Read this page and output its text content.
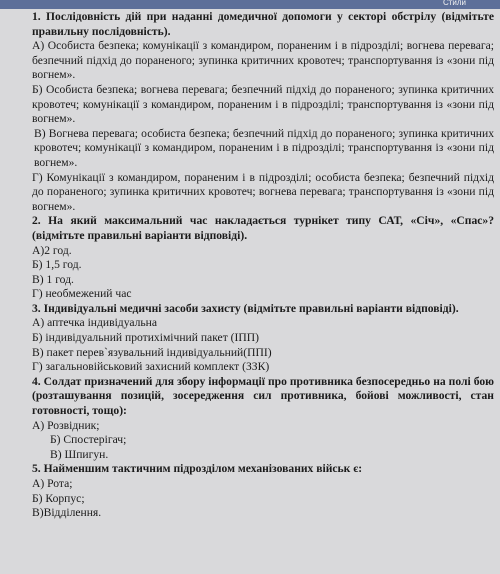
Стили

1. Послідовність дій при наданні домедичної допомоги у секторі обстрілу (відмітьте правильну послідовність).

А) Особиста безпека; комунікації з командиром, пораненим і в підрозділі; вогнева перевага; безпечний підхід до пораненого; зупинка критичних кровотеч; транспортування із «зони під вогнем».

Б) Особиста безпека; вогнева перевага; безпечний підхід до пораненого; зупинка критичних кровотеч; комунікації з командиром, пораненим і в підрозділі; транспортування із «зони під вогнем».

В) Вогнева перевага; особиста безпека; безпечний підхід до пораненого; зупинка критичних кровотеч; комунікації з командиром, пораненим і в підрозділі; транспортування із «зони під вогнем».

Г) Комунікації з командиром, пораненим і в підрозділі; особиста безпека; безпечний підхід до пораненого; зупинка критичних кровотеч; вогнева перевага; транспортування із «зони під вогнем».

2. На який максимальний час накладається турнікет типу САТ, «Січ», «Спас»? (відмітьте правильні варіанти відповіді).

А)2 год.

Б) 1,5 год.

В) 1 год.

Г) необмежений час

3. Індивідуальні медичні засоби захисту (відмітьте правильні варіанти відповіді).

А) аптечка індивідуальна

Б) індивідуальний протихімічний пакет (ІПП)

В) пакет перев`язувальний індивідуальний(ППІ)

Г) загальновійськовий захисний комплект (ЗЗК)

4. Солдат призначений для збору інформації про противника безпосередньо на полі бою (розташування позицій, зосередження сил противника, бойові можливості, стан готовності, тощо):

А) Розвідник;

Б) Спостерігач;

В) Шпигун.

5. Найменшим тактичним підрозділом механізованих військ є:

А) Рота;

Б) Корпус;

В)Відділення.
